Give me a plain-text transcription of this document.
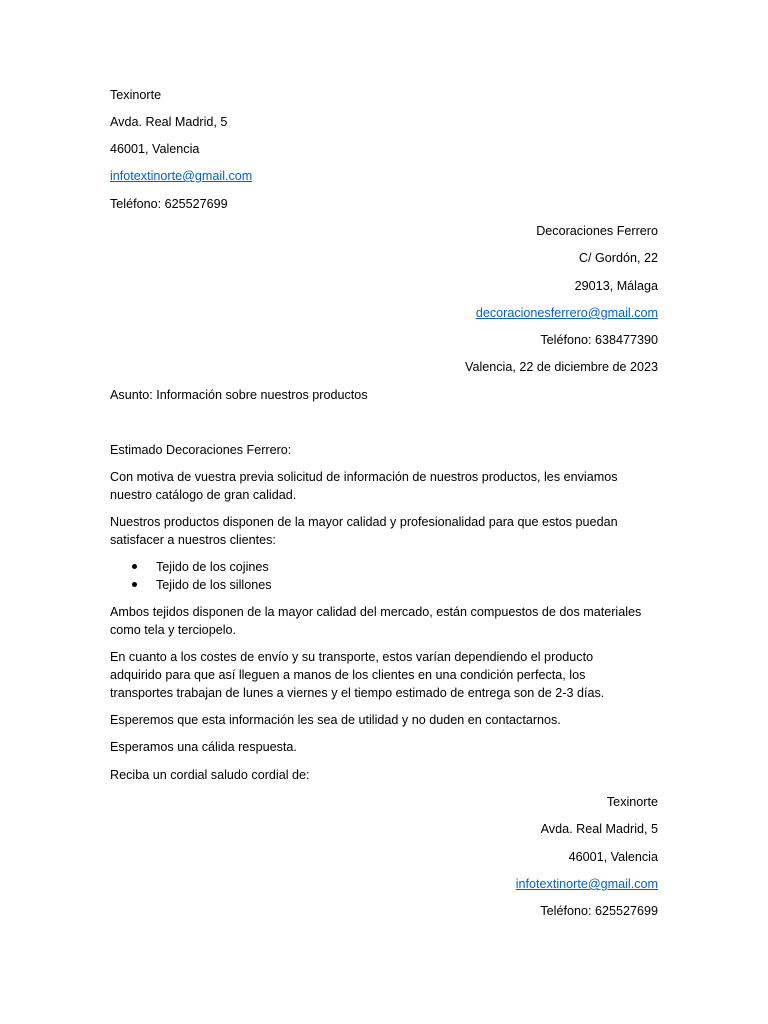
Texinorte
Avda. Real Madrid, 5
46001, Valencia
infotextinorte@gmail.com
Teléfono: 625527699
Decoraciones Ferrero
C/ Gordón, 22
29013, Málaga
decoracionesferrero@gmail.com
Teléfono: 638477390
Valencia, 22 de diciembre de 2023
Asunto: Información sobre nuestros productos
Estimado Decoraciones Ferrero:
Con motiva de vuestra previa solicitud de información de nuestros productos, les enviamos
nuestro catálogo de gran calidad.
Nuestros productos disponen de la mayor calidad y profesionalidad para que estos puedan
satisfacer a nuestros clientes:
Tejido de los cojines
Tejido de los sillones
Ambos tejidos disponen de la mayor calidad del mercado, están compuestos de dos materiales
como tela y terciopelo.
En cuanto a los costes de envío y su transporte, estos varían dependiendo el producto
adquirido para que así lleguen a manos de los clientes en una condición perfecta, los
transportes trabajan de lunes a viernes y el tiempo estimado de entrega son de 2-3 días.
Esperemos que esta información les sea de utilidad y no duden en contactarnos.
Esperamos una cálida respuesta.
Reciba un cordial saludo cordial de:
Texinorte
Avda. Real Madrid, 5
46001, Valencia
infotextinorte@gmail.com
Teléfono: 625527699
